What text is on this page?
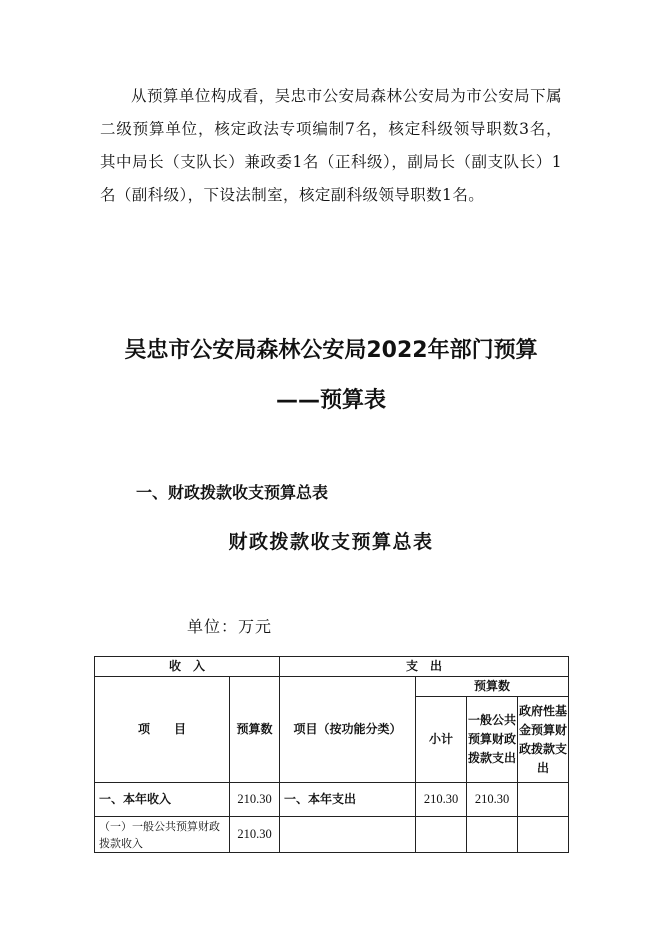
从预算单位构成看，吴忠市公安局森林公安局为市公安局下属二级预算单位，核定政法专项编制7名，核定科级领导职数3名，其中局长（支队长）兼政委1名（正科级），副局长（副支队长）1名（副科级），下设法制室，核定副科级领导职数1名。

吴忠市公安局森林公安局2022年部门预算
——预算表
一、财政拨款收支预算总表
财政拨款收支预算总表

单位：万元

收　入		支　出			
项　　目	预算数	项目（按功能分类）	预算数		
			小计	一般公共预算财政拨款支出	政府性基金预算财政拨款支出
一、本年收入	210.30	一、本年支出	210.30	210.30	
（一）一般公共预算财政拨款收入	210.30				
